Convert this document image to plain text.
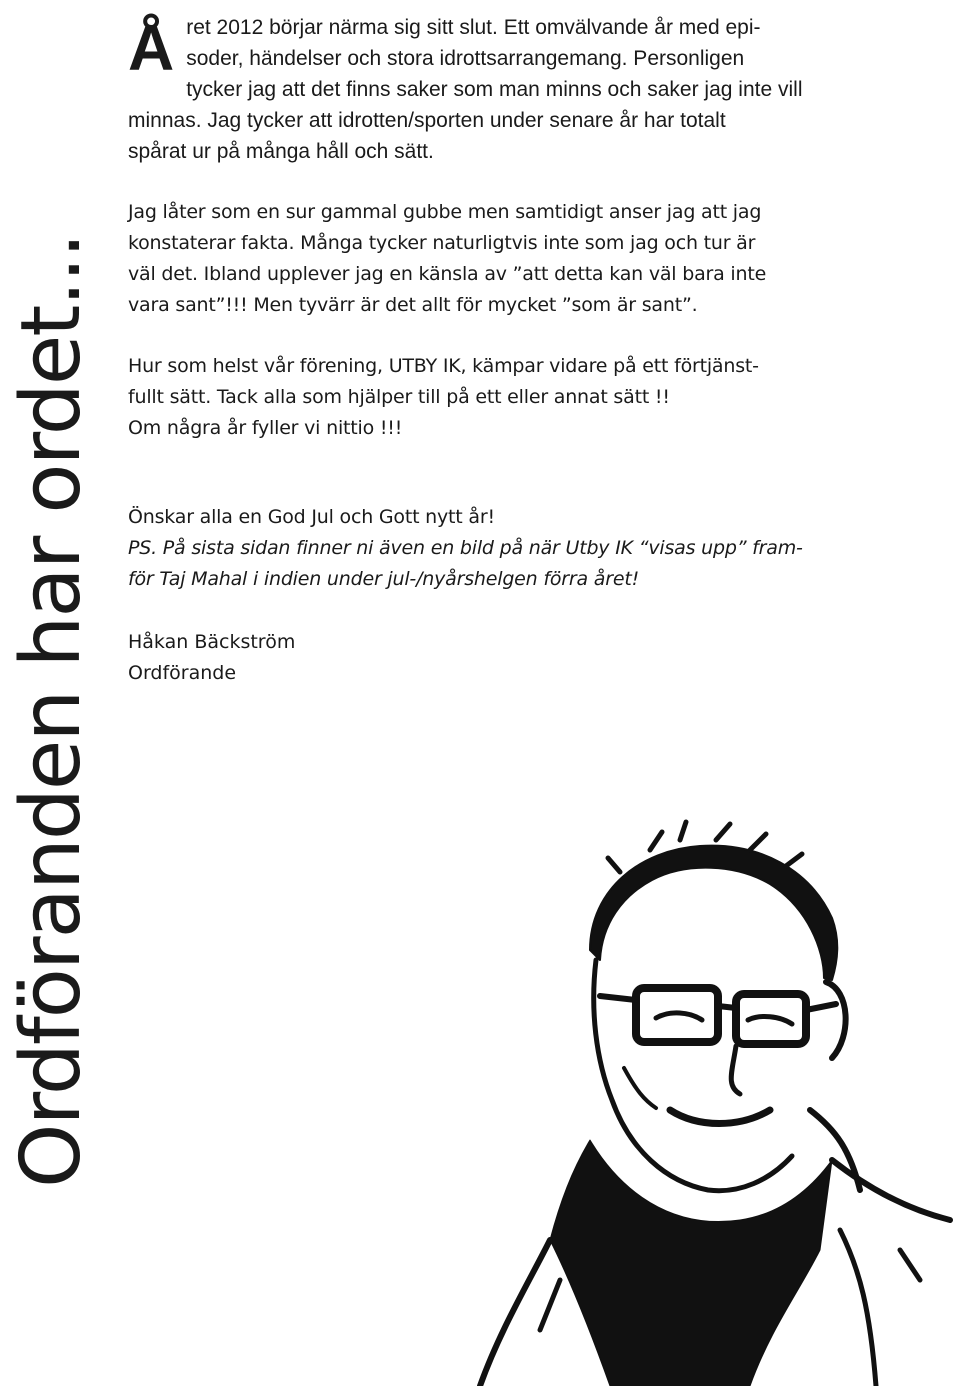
Ordföranden har ordet...

Å ret 2012 börjar närma sig sitt slut. Ett omvälvande år med epi-
soder, händelser och stora idrottsarrangemang. Personligen
tycker jag att det finns saker som man minns och saker jag inte vill
minnas. Jag tycker att idrotten/sporten under senare år har totalt
spårat ur på många håll och sätt.

Jag låter som en sur gammal gubbe men samtidigt anser jag att jag
konstaterar fakta. Många tycker naturligtvis inte som jag och tur är
väl det. Ibland upplever jag en känsla av ”att detta kan väl bara inte
vara sant”!!! Men tyvärr är det allt för mycket ”som är sant”.

Hur som helst vår förening, UTBY IK, kämpar vidare på ett förtjänst-
fullt sätt. Tack alla som hjälper till på ett eller annat sätt !!
Om några år fyller vi nittio !!!

Önskar alla en God Jul och Gott nytt år!
PS. På sista sidan finner ni även en bild på när Utby IK “visas upp” fram-
för Taj Mahal i indien under jul-/nyårshelgen förra året!

Håkan Bäckström
Ordförande
